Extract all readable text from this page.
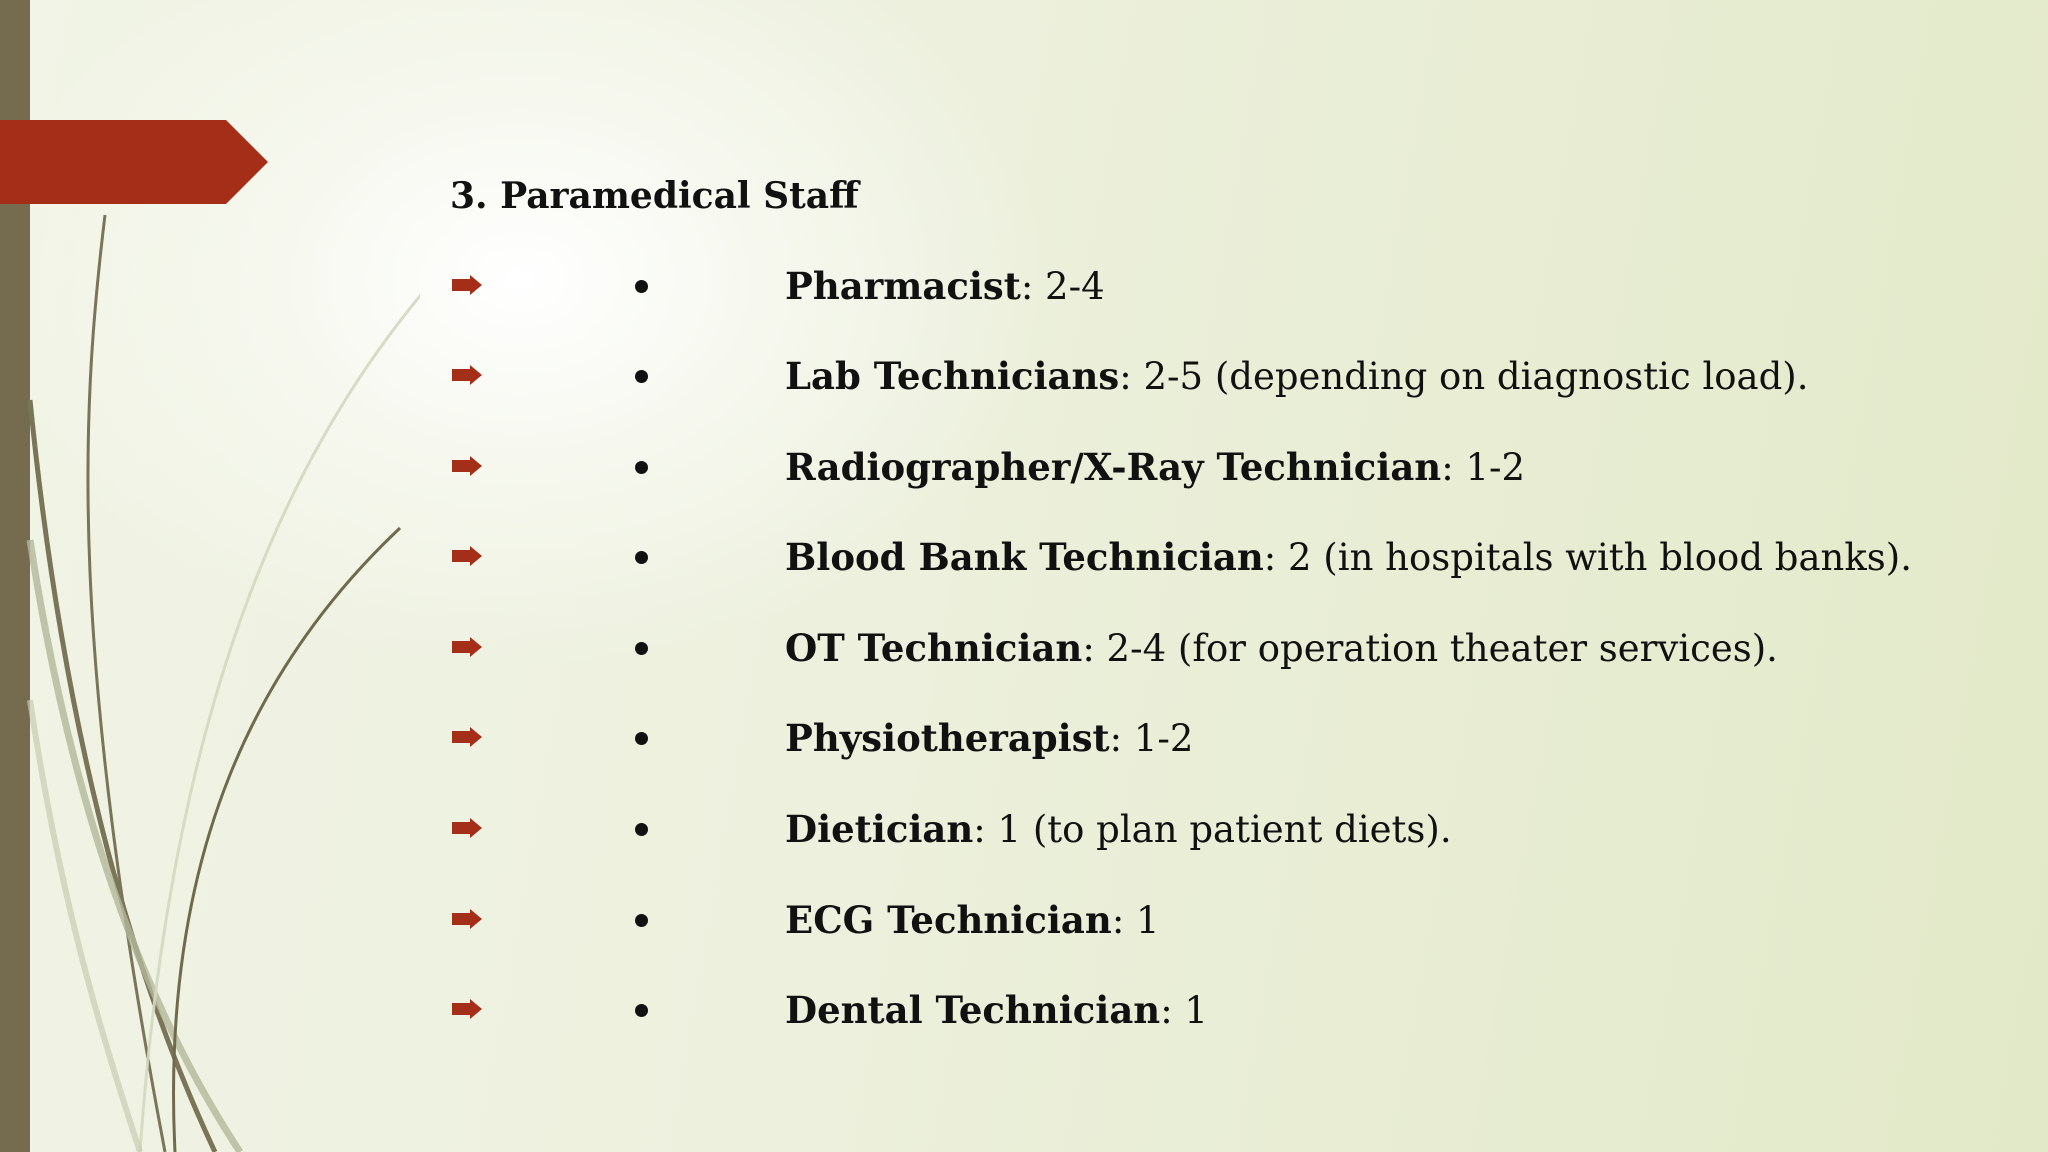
3. Paramedical Staff
Pharmacist: 2-4
Lab Technicians: 2-5 (depending on diagnostic load).
Radiographer/X-Ray Technician: 1-2
Blood Bank Technician: 2 (in hospitals with blood banks).
OT Technician: 2-4 (for operation theater services).
Physiotherapist: 1-2
Dietician: 1 (to plan patient diets).
ECG Technician: 1
Dental Technician: 1
